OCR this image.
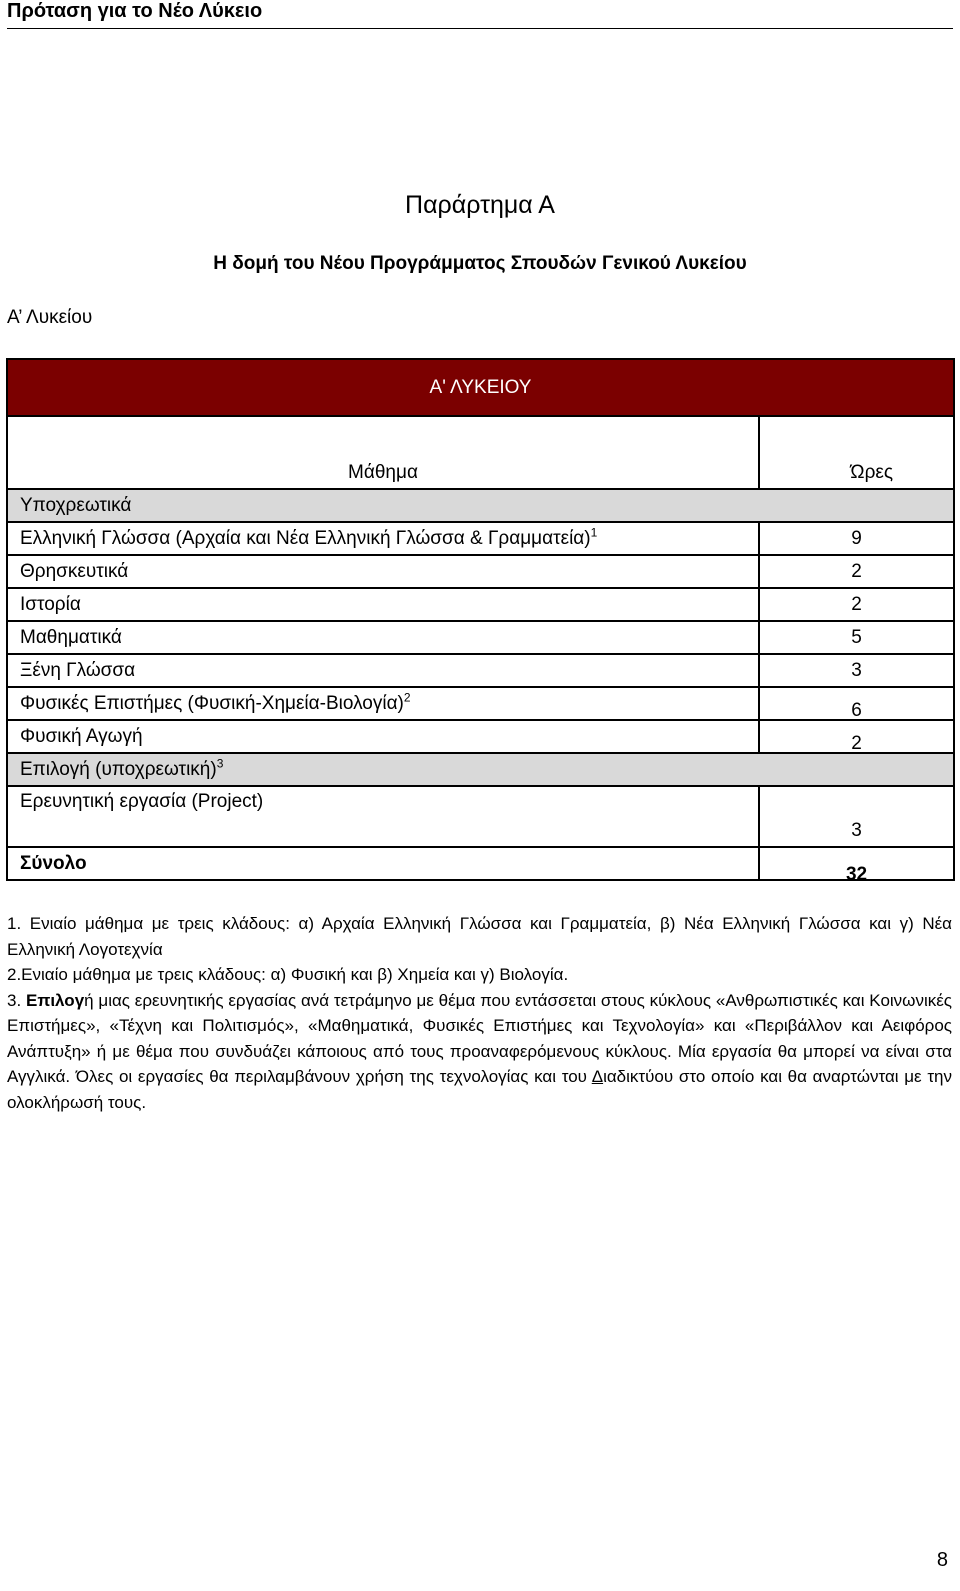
Πρόταση για το Νέο Λύκειο
Παράρτημα Α
Η δομή του Νέου Προγράμματος Σπουδών Γενικού Λυκείου
Α’ Λυκείου
Α' ΛΥΚΕΙΟΥ	
Μάθημα	Ώρες
Υποχρεωτικά	
Ελληνική Γλώσσα (Αρχαία και Νέα Ελληνική Γλώσσα & Γραμματεία)$^1$	9
Θρησκευτικά	2
Ιστορία	2
Μαθηματικά	5
Ξένη Γλώσσα	3
Φυσικές Επιστήμες $(\Phi\upsilon\sigma\iota\kappa ή-X\eta\mu\varepsilon ί\alpha-B\iota o\lambda o\gamma ί\alpha)^2$	6
Φυσική Αγωγή	2
Επιλογή $(\upsilon\pi o\chi\rho\varepsilon\omega\tau\iota\kappa ή)^3$
Ερευνητική εργασία (Project)	3
Σύνολο	32

1. Ενιαίο μάθημα με τρεις κλάδους: α) Αρχαία Ελληνική Γλώσσα και Γραμματεία, β) Νέα Ελληνική Γλώσσα και γ) Νέα Ελληνική Λογοτεχνία

2.Ενιαίο μάθημα με τρεις κλάδους: α) Φυσική και β) Χημεία και γ) Βιολογία.

3. Επιλογή μιας ερευνητικής εργασίας ανά τετράμηνο με θέμα που εντάσσεται στους κύκλους «Ανθρωπιστικές και Κοινωνικές Επιστήμες», «Τέχνη και Πολιτισμός», «Μαθηματικά, Φυσικές Επιστήμες και Τεχνολογία» και «Περιβάλλον και Αειφόρος Ανάπτυξη» ή με θέμα που συνδυάζει κάποιους από τους προαναφερόμενους κύκλους. Μία εργασία θα μπορεί να είναι στα Αγγλικά. Όλες οι εργασίες θα περιλαμβάνουν χρήση της τεχνολογίας και του Διαδικτύου στο οποίο και θα αναρτώνται με την ολοκλήρωσή τους.

8
